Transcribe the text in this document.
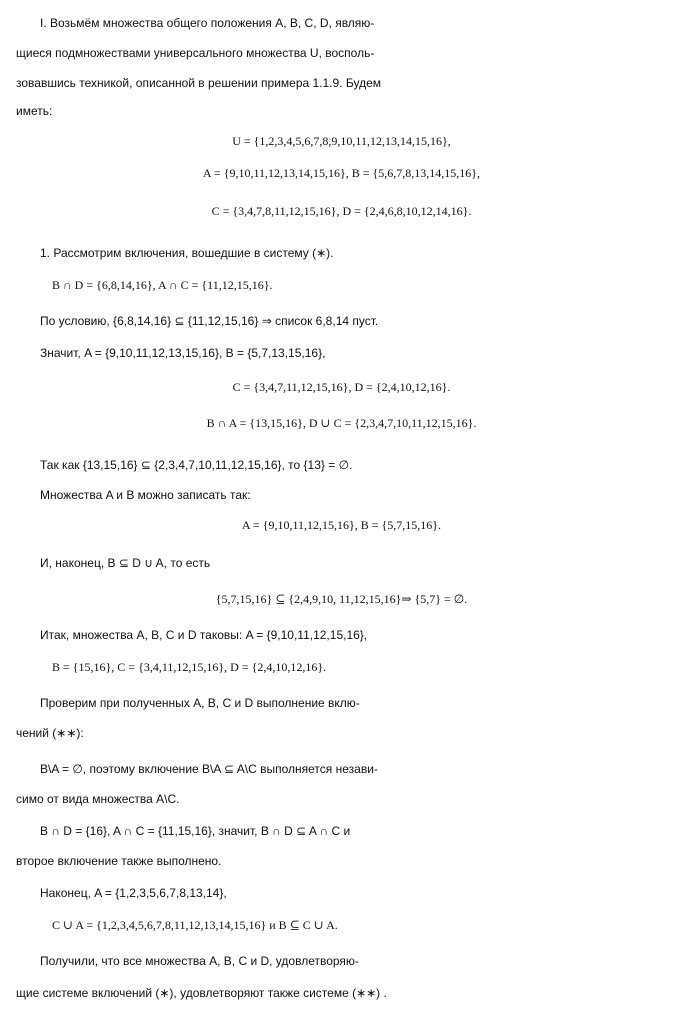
I. Возьмём множества общего положения A, B, C, D, являю-
щиеся подмножествами универсального множества U, восполь-
зовавшись техникой, описанной в решении примера 1.1.9. Будем
иметь:
U = {1,2,3,4,5,6,7,8,9,10,11,12,13,14,15,16},
A = {9,10,11,12,13,14,15,16}, B = {5,6,7,8,13,14,15,16},
C = {3,4,7,8,11,12,15,16}, D = {2,4,6,8,10,12,14,16}.
1. Рассмотрим включения, вошедшие в систему (∗).
B ∩ D = {6,8,14,16}, A ∩ C = {11,12,15,16}.
По условию, {6,8,14,16} ⊆ {11,12,15,16} ⇒ список 6,8,14 пуст.
Значит, A = {9,10,11,12,13,15,16}, B = {5,7,13,15,16},
C = {3,4,7,11,12,15,16}, D = {2,4,10,12,16}.
B ∩ A = {13,15,16}, D ∪ C = {2,3,4,7,10,11,12,15,16}.
Так как {13,15,16} ⊆ {2,3,4,7,10,11,12,15,16}, то {13} = ∅.
Множества A и B можно записать так:
A = {9,10,11,12,15,16}, B = {5,7,15,16}.
И, наконец, B ⊆ D ∪ A, то есть
{5,7,15,16} ⊆ {2,4,9,10, 11,12,15,16}⇒ {5,7} = ∅.
Итак, множества A, B, C и D таковы: A = {9,10,11,12,15,16},
B = {15,16}, C = {3,4,11,12,15,16}, D = {2,4,10,12,16}.
Проверим при полученных A, B, C и D выполнение вклю-
чений (∗∗):
B\A = ∅, поэтому включение B\A ⊆ A\C выполняется незави-
симо от вида множества A\C.
B ∩ D = {16}, A ∩ C = {11,15,16}, значит, B ∩ D ⊆ A ∩ C и
второе включение также выполнено.
Наконец, A = {1,2,3,5,6,7,8,13,14},
C ∪ A = {1,2,3,4,5,6,7,8,11,12,13,14,15,16} и B ⊆ C ∪ A.
Получили, что все множества A, B, C и D, удовлетворяю-
щие системе включений (∗), удовлетворяют также системе (∗∗) .
